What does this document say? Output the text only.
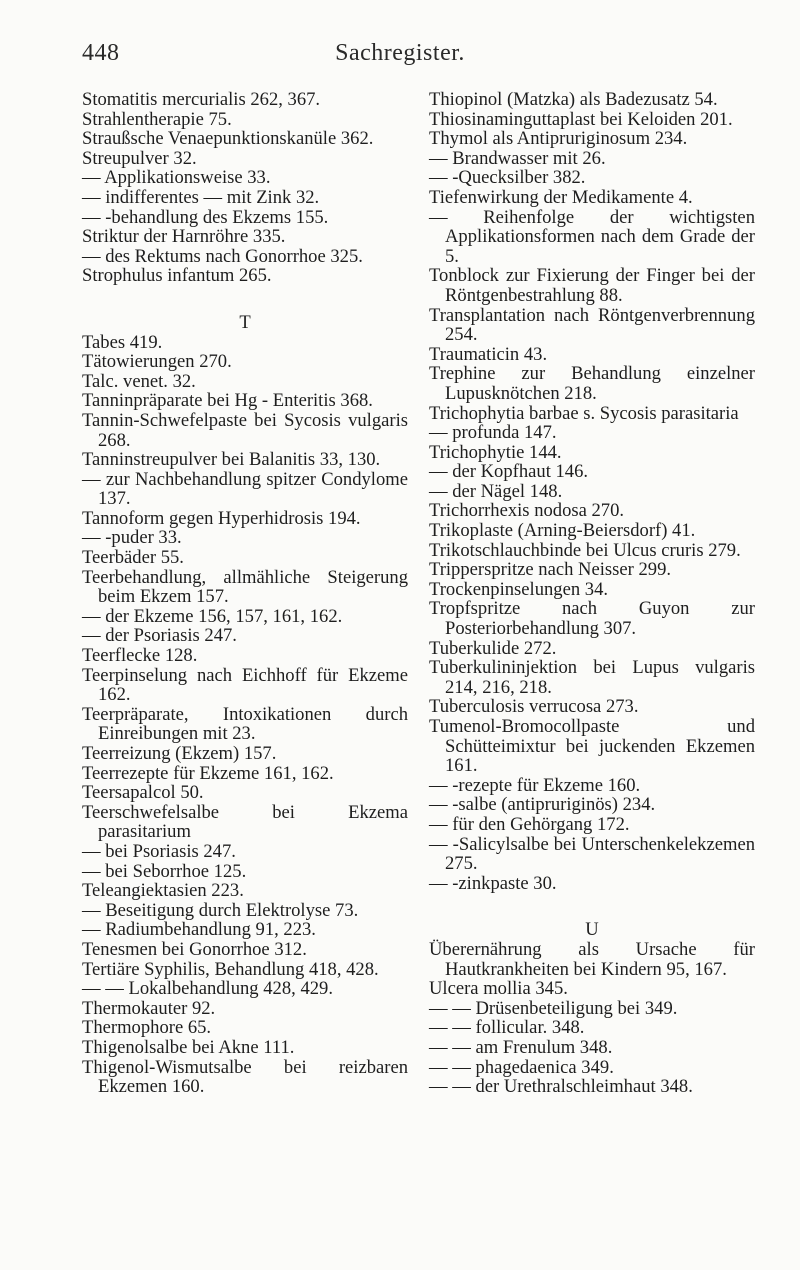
448	Sachregister.

Stomatitis mercurialis 262, 367.

Strahlentherapie 75.

Straußsche Venaepunktionskanüle 362.

Streupulver 32.

— Applikationsweise 33.

— indifferentes — mit Zink 32.

— -behandlung des Ekzems 155.

Striktur der Harnröhre 335.

— des Rektums nach Gonorrhoe 325.

Strophulus infantum 265.

T

Tabes 419.

Tätowierungen 270.

Talc. venet. 32.

Tanninpräparate bei Hg - Enteritis 368.

Tannin-Schwefelpaste bei Sycosis vulgaris 268.

Tanninstreupulver bei Balanitis 33, 130.

— zur Nachbehandlung spitzer Condylome 137.

Tannoform gegen Hyperhidrosis 194.

— -puder 33.

Teerbäder 55.

Teerbehandlung, allmähliche Steigerung beim Ekzem 157.

— der Ekzeme 156, 157, 161, 162.

— der Psoriasis 247.

Teerflecke 128.

Teerpinselung nach Eichhoff für Ekzeme 162.

Teerpräparate, Intoxikationen durch Einreibungen mit 23.

Teerreizung (Ekzem) 157.

Teerrezepte für Ekzeme 161, 162.

Teersapalcol 50.

Teerschwefelsalbe bei Ekzema parasitarium

— bei Psoriasis 247.

— bei Seborrhoe 125.

Teleangiektasien 223.

— Beseitigung durch Elektrolyse 73.

— Radiumbehandlung 91, 223.

Tenesmen bei Gonorrhoe 312.

Tertiäre Syphilis, Behandlung 418, 428.

— — Lokalbehandlung 428, 429.

Thermokauter 92.

Thermophore 65.

Thigenolsalbe bei Akne 111.

Thigenol-Wismutsalbe bei reizbaren Ekzemen 160.

Thiopinol (Matzka) als Badezusatz 54.

Thiosinaminguttaplast bei Keloiden 201.

Thymol als Antipruriginosum 234.

— Brandwasser mit 26.

— -Quecksilber 382.

Tiefenwirkung der Medikamente 4.

— Reihenfolge der wichtigsten Applikationsformen nach dem Grade der 5.

Tonblock zur Fixierung der Finger bei der Röntgenbestrahlung 88.

Transplantation nach Röntgenverbrennung 254.

Traumaticin 43.

Trephine zur Behandlung einzelner Lupusknötchen 218.

Trichophytia barbae s. Sycosis parasitaria

— profunda 147.

Trichophytie 144.

— der Kopfhaut 146.

— der Nägel 148.

Trichorrhexis nodosa 270.

Trikoplaste (Arning-Beiersdorf) 41.

Trikotschlauchbinde bei Ulcus cruris 279.

Tripperspritze nach Neisser 299.

Trockenpinselungen 34.

Tropfspritze nach Guyon zur Posteriorbehandlung 307.

Tuberkulide 272.

Tuberkulininjektion bei Lupus vulgaris 214, 216, 218.

Tuberculosis verrucosa 273.

Tumenol-Bromocollpaste und Schütteimixtur bei juckenden Ekzemen 161.

— -rezepte für Ekzeme 160.

— -salbe (antipruriginös) 234.

— für den Gehörgang 172.

— -Salicylsalbe bei Unterschenkelekzemen 275.

— -zinkpaste 30.

U

Überernährung als Ursache für Hautkrankheiten bei Kindern 95, 167.

Ulcera mollia 345.

— — Drüsenbeteiligung bei 349.

— — follicular. 348.

— — am Frenulum 348.

— — phagedaenica 349.

— — der Urethralschleimhaut 348.
